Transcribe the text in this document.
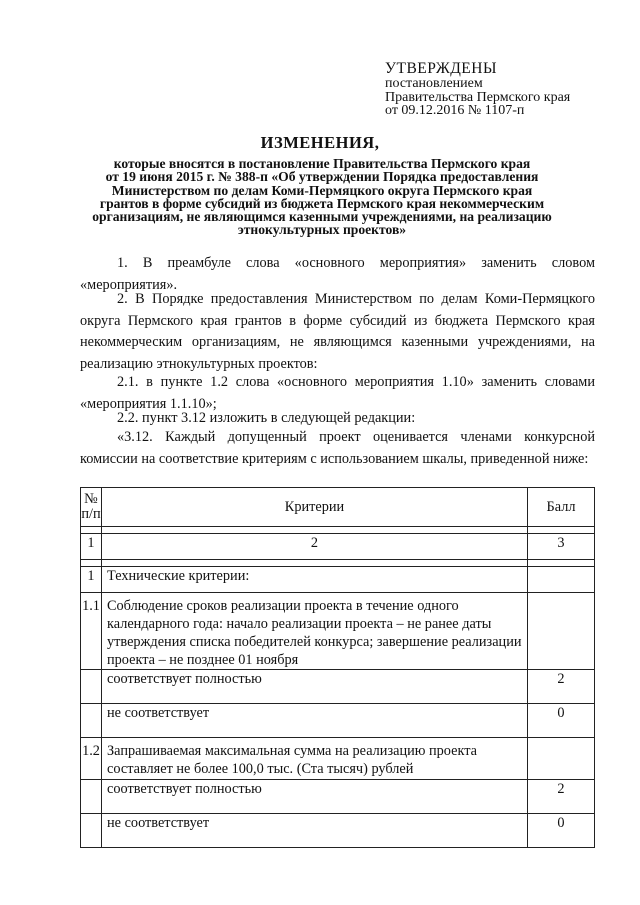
УТВЕРЖДЕНЫ
постановлением
Правительства Пермского края
от 09.12.2016 № 1107-п
ИЗМЕНЕНИЯ,
которые вносятся в постановление Правительства Пермского края
от 19 июня 2015 г. № 388-п «Об утверждении Порядка предоставления
Министерством по делам Коми-Пермяцкого округа Пермского края
грантов в форме субсидий из бюджета Пермского края некоммерческим
организациям, не являющимся казенными учреждениями, на реализацию
этнокультурных проектов»
1. В преамбуле слова «основного мероприятия» заменить словом «мероприятия».
2. В Порядке предоставления Министерством по делам Коми-Пермяцкого округа Пермского края грантов в форме субсидий из бюджета Пермского края некоммерческим организациям, не являющимся казенными учреждениями, на реализацию этнокультурных проектов:
2.1. в пункте 1.2 слова «основного мероприятия 1.10» заменить словами «мероприятия 1.1.10»;
2.2. пункт 3.12 изложить в следующей редакции:
«3.12. Каждый допущенный проект оценивается членами конкурсной комиссии на соответствие критериям с использованием шкалы, приведенной ниже:
№ п/п	Критерии	Балл

1	2	3

1	Технические критерии:	
1.1	Соблюдение сроков реализации проекта в течение одного календарного года: начало реализации проекта – не ранее даты утверждения списка победителей конкурса; завершение реализации проекта – не позднее 01 ноября	
	соответствует полностью	2
	не соответствует	0
1.2	Запрашиваемая максимальная сумма на реализацию проекта составляет не более 100,0 тыс. (Ста тысяч) рублей	
	соответствует полностью	2
	не соответствует	0
